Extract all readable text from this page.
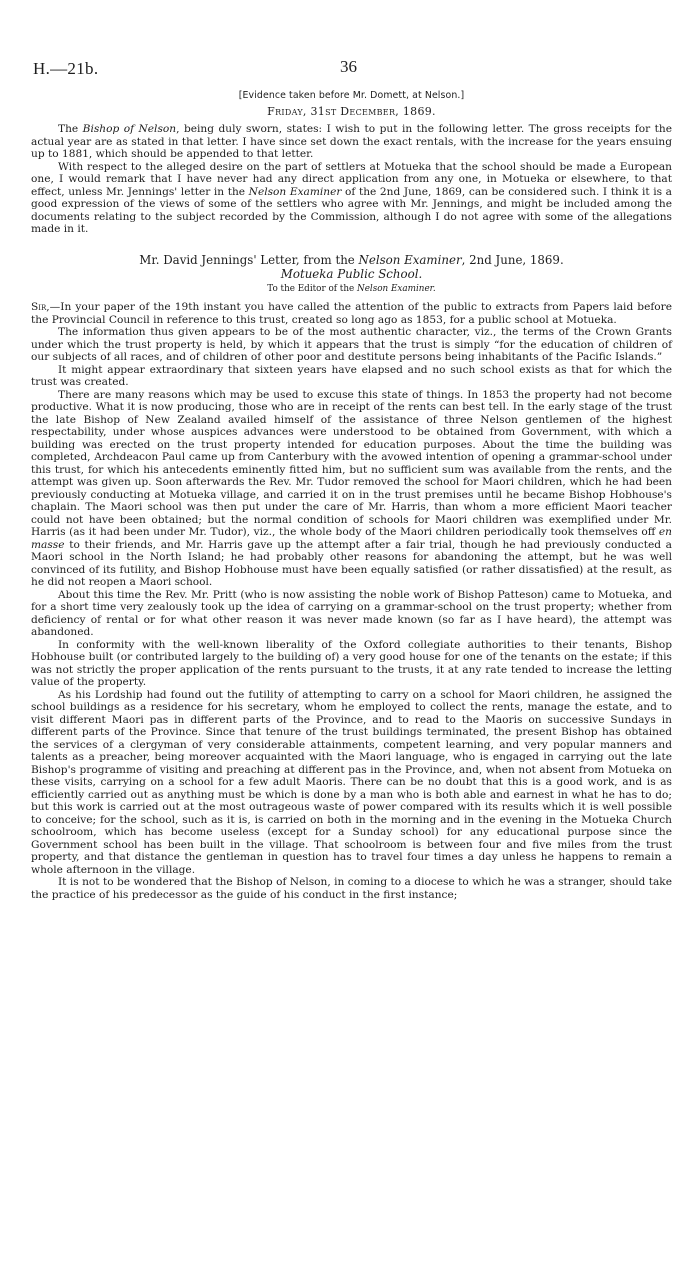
H.—21b.	36
[Evidence taken before Mr. Domett, at Nelson.]
Friday, 31st December, 1869.

The Bishop of Nelson, being duly sworn, states: I wish to put in the following letter. The gross receipts for the actual year are as stated in that letter. I have since set down the exact rentals, with the increase for the years ensuing up to 1881, which should be appended to that letter.

With respect to the alleged desire on the part of settlers at Motueka that the school should be made a European one, I would remark that I have never had any direct application from any one, in Motueka or elsewhere, to that effect, unless Mr. Jennings' letter in the Nelson Examiner of the 2nd June, 1869, can be considered such. I think it is a good expression of the views of some of the settlers who agree with Mr. Jennings, and might be included among the documents relating to the subject recorded by the Commission, although I do not agree with some of the allegations made in it.

Mr. David Jennings' Letter, from the Nelson Examiner, 2nd June, 1869.
Motueka Public School.
To the Editor of the Nelson Examiner.

Sir,—In your paper of the 19th instant you have called the attention of the public to extracts from Papers laid before the Provincial Council in reference to this trust, created so long ago as 1853, for a public school at Motueka.

The information thus given appears to be of the most authentic character, viz., the terms of the Crown Grants under which the trust property is held, by which it appears that the trust is simply “for the education of children of our subjects of all races, and of children of other poor and destitute persons being inhabitants of the Pacific Islands.”

It might appear extraordinary that sixteen years have elapsed and no such school exists as that for which the trust was created.

There are many reasons which may be used to excuse this state of things. In 1853 the property had not become productive. What it is now producing, those who are in receipt of the rents can best tell. In the early stage of the trust the late Bishop of New Zealand availed himself of the assistance of three Nelson gentlemen of the highest respectability, under whose auspices advances were understood to be obtained from Government, with which a building was erected on the trust property intended for education purposes. About the time the building was completed, Archdeacon Paul came up from Canterbury with the avowed intention of opening a grammar-school under this trust, for which his antecedents eminently fitted him, but no sufficient sum was available from the rents, and the attempt was given up. Soon afterwards the Rev. Mr. Tudor removed the school for Maori children, which he had been previously conducting at Motueka village, and carried it on in the trust premises until he became Bishop Hobhouse's chaplain. The Maori school was then put under the care of Mr. Harris, than whom a more efficient Maori teacher could not have been obtained; but the normal condition of schools for Maori children was exemplified under Mr. Harris (as it had been under Mr. Tudor), viz., the whole body of the Maori children periodically took themselves off en masse to their friends, and Mr. Harris gave up the attempt after a fair trial, though he had previously conducted a Maori school in the North Island; he had probably other reasons for abandoning the attempt, but he was well convinced of its futility, and Bishop Hobhouse must have been equally satisfied (or rather dissatisfied) at the result, as he did not reopen a Maori school.

About this time the Rev. Mr. Pritt (who is now assisting the noble work of Bishop Patteson) came to Motueka, and for a short time very zealously took up the idea of carrying on a grammar-school on the trust property; whether from deficiency of rental or for what other reason it was never made known (so far as I have heard), the attempt was abandoned.

In conformity with the well-known liberality of the Oxford collegiate authorities to their tenants, Bishop Hobhouse built (or contributed largely to the building of) a very good house for one of the tenants on the estate; if this was not strictly the proper application of the rents pursuant to the trusts, it at any rate tended to increase the letting value of the property.

As his Lordship had found out the futility of attempting to carry on a school for Maori children, he assigned the school buildings as a residence for his secretary, whom he employed to collect the rents, manage the estate, and to visit different Maori pas in different parts of the Province, and to read to the Maoris on successive Sundays in different parts of the Province. Since that tenure of the trust buildings terminated, the present Bishop has obtained the services of a clergyman of very considerable attainments, competent learning, and very popular manners and talents as a preacher, being moreover acquainted with the Maori language, who is engaged in carrying out the late Bishop's programme of visiting and preaching at different pas in the Province, and, when not absent from Motueka on these visits, carrying on a school for a few adult Maoris. There can be no doubt that this is a good work, and is as efficiently carried out as anything must be which is done by a man who is both able and earnest in what he has to do; but this work is carried out at the most outrageous waste of power compared with its results which it is well possible to conceive; for the school, such as it is, is carried on both in the morning and in the evening in the Motueka Church schoolroom, which has become useless (except for a Sunday school) for any educational purpose since the Government school has been built in the village. That schoolroom is between four and five miles from the trust property, and that distance the gentleman in question has to travel four times a day unless he happens to remain a whole afternoon in the village.

It is not to be wondered that the Bishop of Nelson, in coming to a diocese to which he was a stranger, should take the practice of his predecessor as the guide of his conduct in the first instance;
